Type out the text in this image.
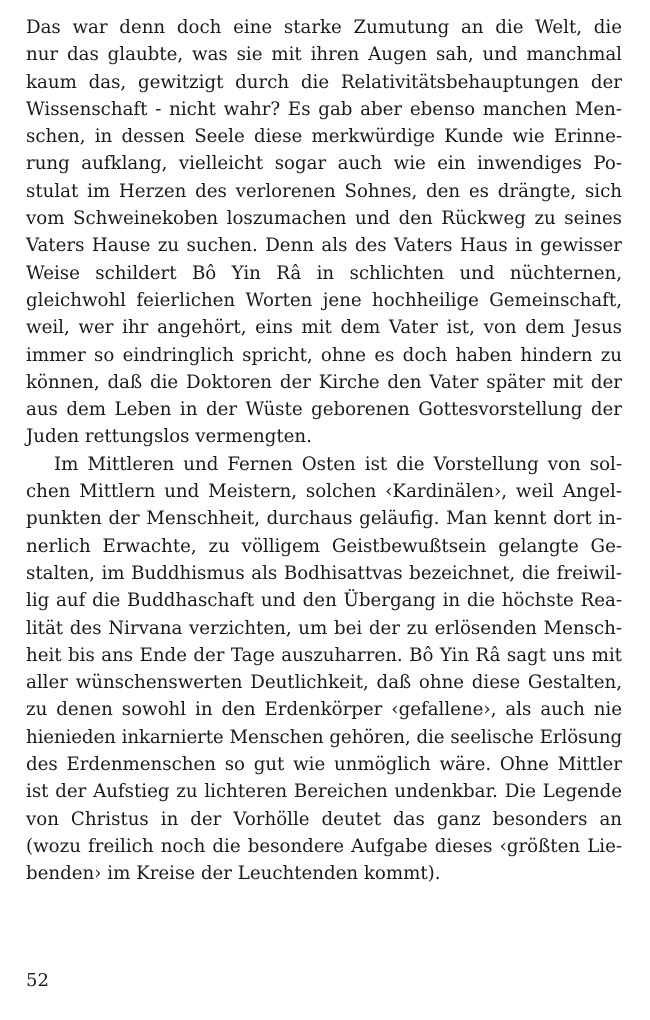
Das war denn doch eine starke Zumutung an die Welt, die
nur das glaubte, was sie mit ihren Augen sah, und manchmal
kaum das, gewitzigt durch die Relativitätsbehauptungen der
Wissenschaft - nicht wahr? Es gab aber ebenso manchen Men-
schen, in dessen Seele diese merkwürdige Kunde wie Erinne-
rung aufklang, vielleicht sogar auch wie ein inwendiges Po-
stulat im Herzen des verlorenen Sohnes, den es drängte, sich
vom Schweinekoben loszumachen und den Rückweg zu seines
Vaters Hause zu suchen. Denn als des Vaters Haus in gewisser
Weise schildert Bô Yin Râ in schlichten und nüchternen,
gleichwohl feierlichen Worten jene hochheilige Gemeinschaft,
weil, wer ihr angehört, eins mit dem Vater ist, von dem Jesus
immer so eindringlich spricht, ohne es doch haben hindern zu
können, daß die Doktoren der Kirche den Vater später mit der
aus dem Leben in der Wüste geborenen Gottesvorstellung der
Juden rettungslos vermengten.
Im Mittleren und Fernen Osten ist die Vorstellung von sol-
chen Mittlern und Meistern, solchen ‹Kardinälen›, weil Angel-
punkten der Menschheit, durchaus geläufig. Man kennt dort in-
nerlich Erwachte, zu völligem Geistbewußtsein gelangte Ge-
stalten, im Buddhismus als Bodhisattvas bezeichnet, die freiwil-
lig auf die Buddhaschaft und den Übergang in die höchste Rea-
lität des Nirvana verzichten, um bei der zu erlösenden Mensch-
heit bis ans Ende der Tage auszuharren. Bô Yin Râ sagt uns mit
aller wünschenswerten Deutlichkeit, daß ohne diese Gestalten,
zu denen sowohl in den Erdenkörper ‹gefallene›, als auch nie
hienieden inkarnierte Menschen gehören, die seelische Erlösung
des Erdenmenschen so gut wie unmöglich wäre. Ohne Mittler
ist der Aufstieg zu lichteren Bereichen undenkbar. Die Legende
von Christus in der Vorhölle deutet das ganz besonders an
(wozu freilich noch die besondere Aufgabe dieses ‹größten Lie-
benden› im Kreise der Leuchtenden kommt).
52
